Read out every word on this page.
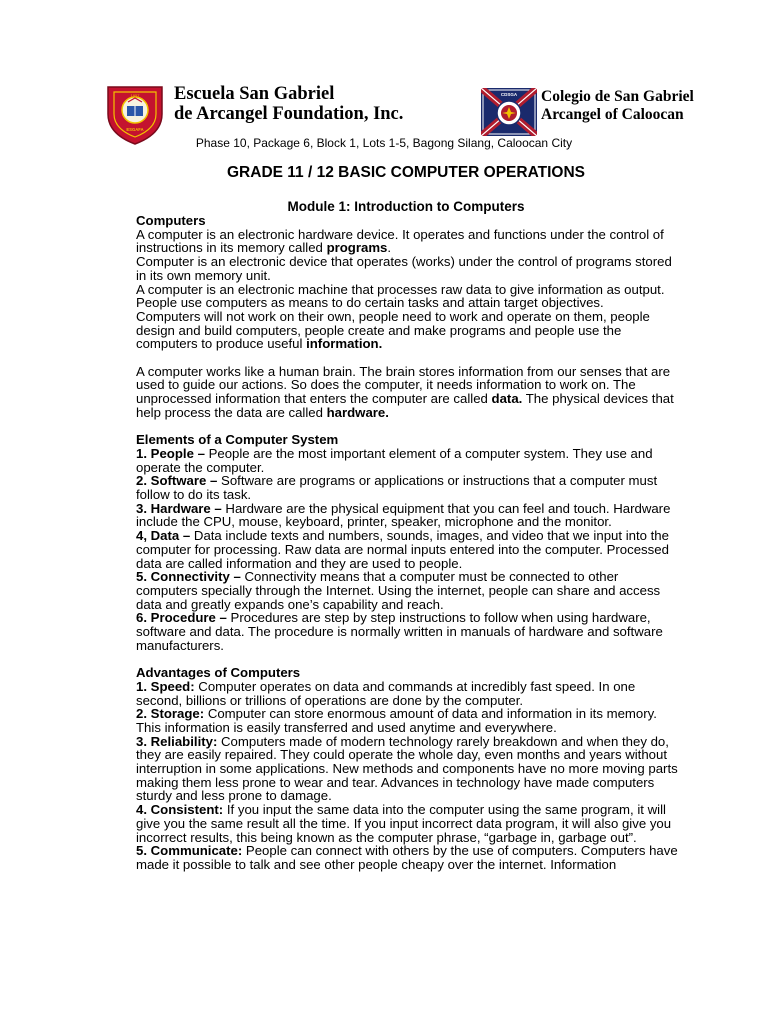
1957
ESGAFA
Escuela San Gabriel
de Arcangel Foundation, Inc.
CDSGA Colegio de San Gabriel
Arcangel of Caloocan
Phase 10, Package 6, Block 1, Lots 1-5, Bagong Silang, Caloocan City
GRADE 11 / 12 BASIC COMPUTER OPERATIONS
Module 1: Introduction to Computers

Computers

A computer is an electronic hardware device. It operates and functions under the control of instructions in its memory called programs.

Computer is an electronic device that operates (works) under the control of programs stored in its own memory unit.

A computer is an electronic machine that processes raw data to give information as output.

People use computers as means to do certain tasks and attain target objectives.

Computers will not work on their own, people need to work and operate on them, people design and build computers, people create and make programs and people use the computers to produce useful information.

A computer works like a human brain. The brain stores information from our senses that are used to guide our actions. So does the computer, it needs information to work on. The unprocessed information that enters the computer are called data. The physical devices that help process the data are called hardware.

Elements of a Computer System

1. People – People are the most important element of a computer system. They use and operate the computer.

2. Software – Software are programs or applications or instructions that a computer must follow to do its task.

3. Hardware – Hardware are the physical equipment that you can feel and touch. Hardware include the CPU, mouse, keyboard, printer, speaker, microphone and the monitor.

4, Data – Data include texts and numbers, sounds, images, and video that we input into the computer for processing. Raw data are normal inputs entered into the computer. Processed data are called information and they are used to people.

5. Connectivity – Connectivity means that a computer must be connected to other computers specially through the Internet. Using the internet, people can share and access data and greatly expands one’s capability and reach.

6. Procedure – Procedures are step by step instructions to follow when using hardware, software and data. The procedure is normally written in manuals of hardware and software manufacturers.

Advantages of Computers

1. Speed: Computer operates on data and commands at incredibly fast speed. In one second, billions or trillions of operations are done by the computer.

2. Storage: Computer can store enormous amount of data and information in its memory. This information is easily transferred and used anytime and everywhere.

3. Reliability: Computers made of modern technology rarely breakdown and when they do, they are easily repaired. They could operate the whole day, even months and years without interruption in some applications. New methods and components have no more moving parts making them less prone to wear and tear. Advances in technology have made computers sturdy and less prone to damage.

4. Consistent: If you input the same data into the computer using the same program, it will give you the same result all the time. If you input incorrect data program, it will also give you incorrect results, this being known as the computer phrase, “garbage in, garbage out”.

5. Communicate: People can connect with others by the use of computers. Computers have made it possible to talk and see other people cheapy over the internet. Information
